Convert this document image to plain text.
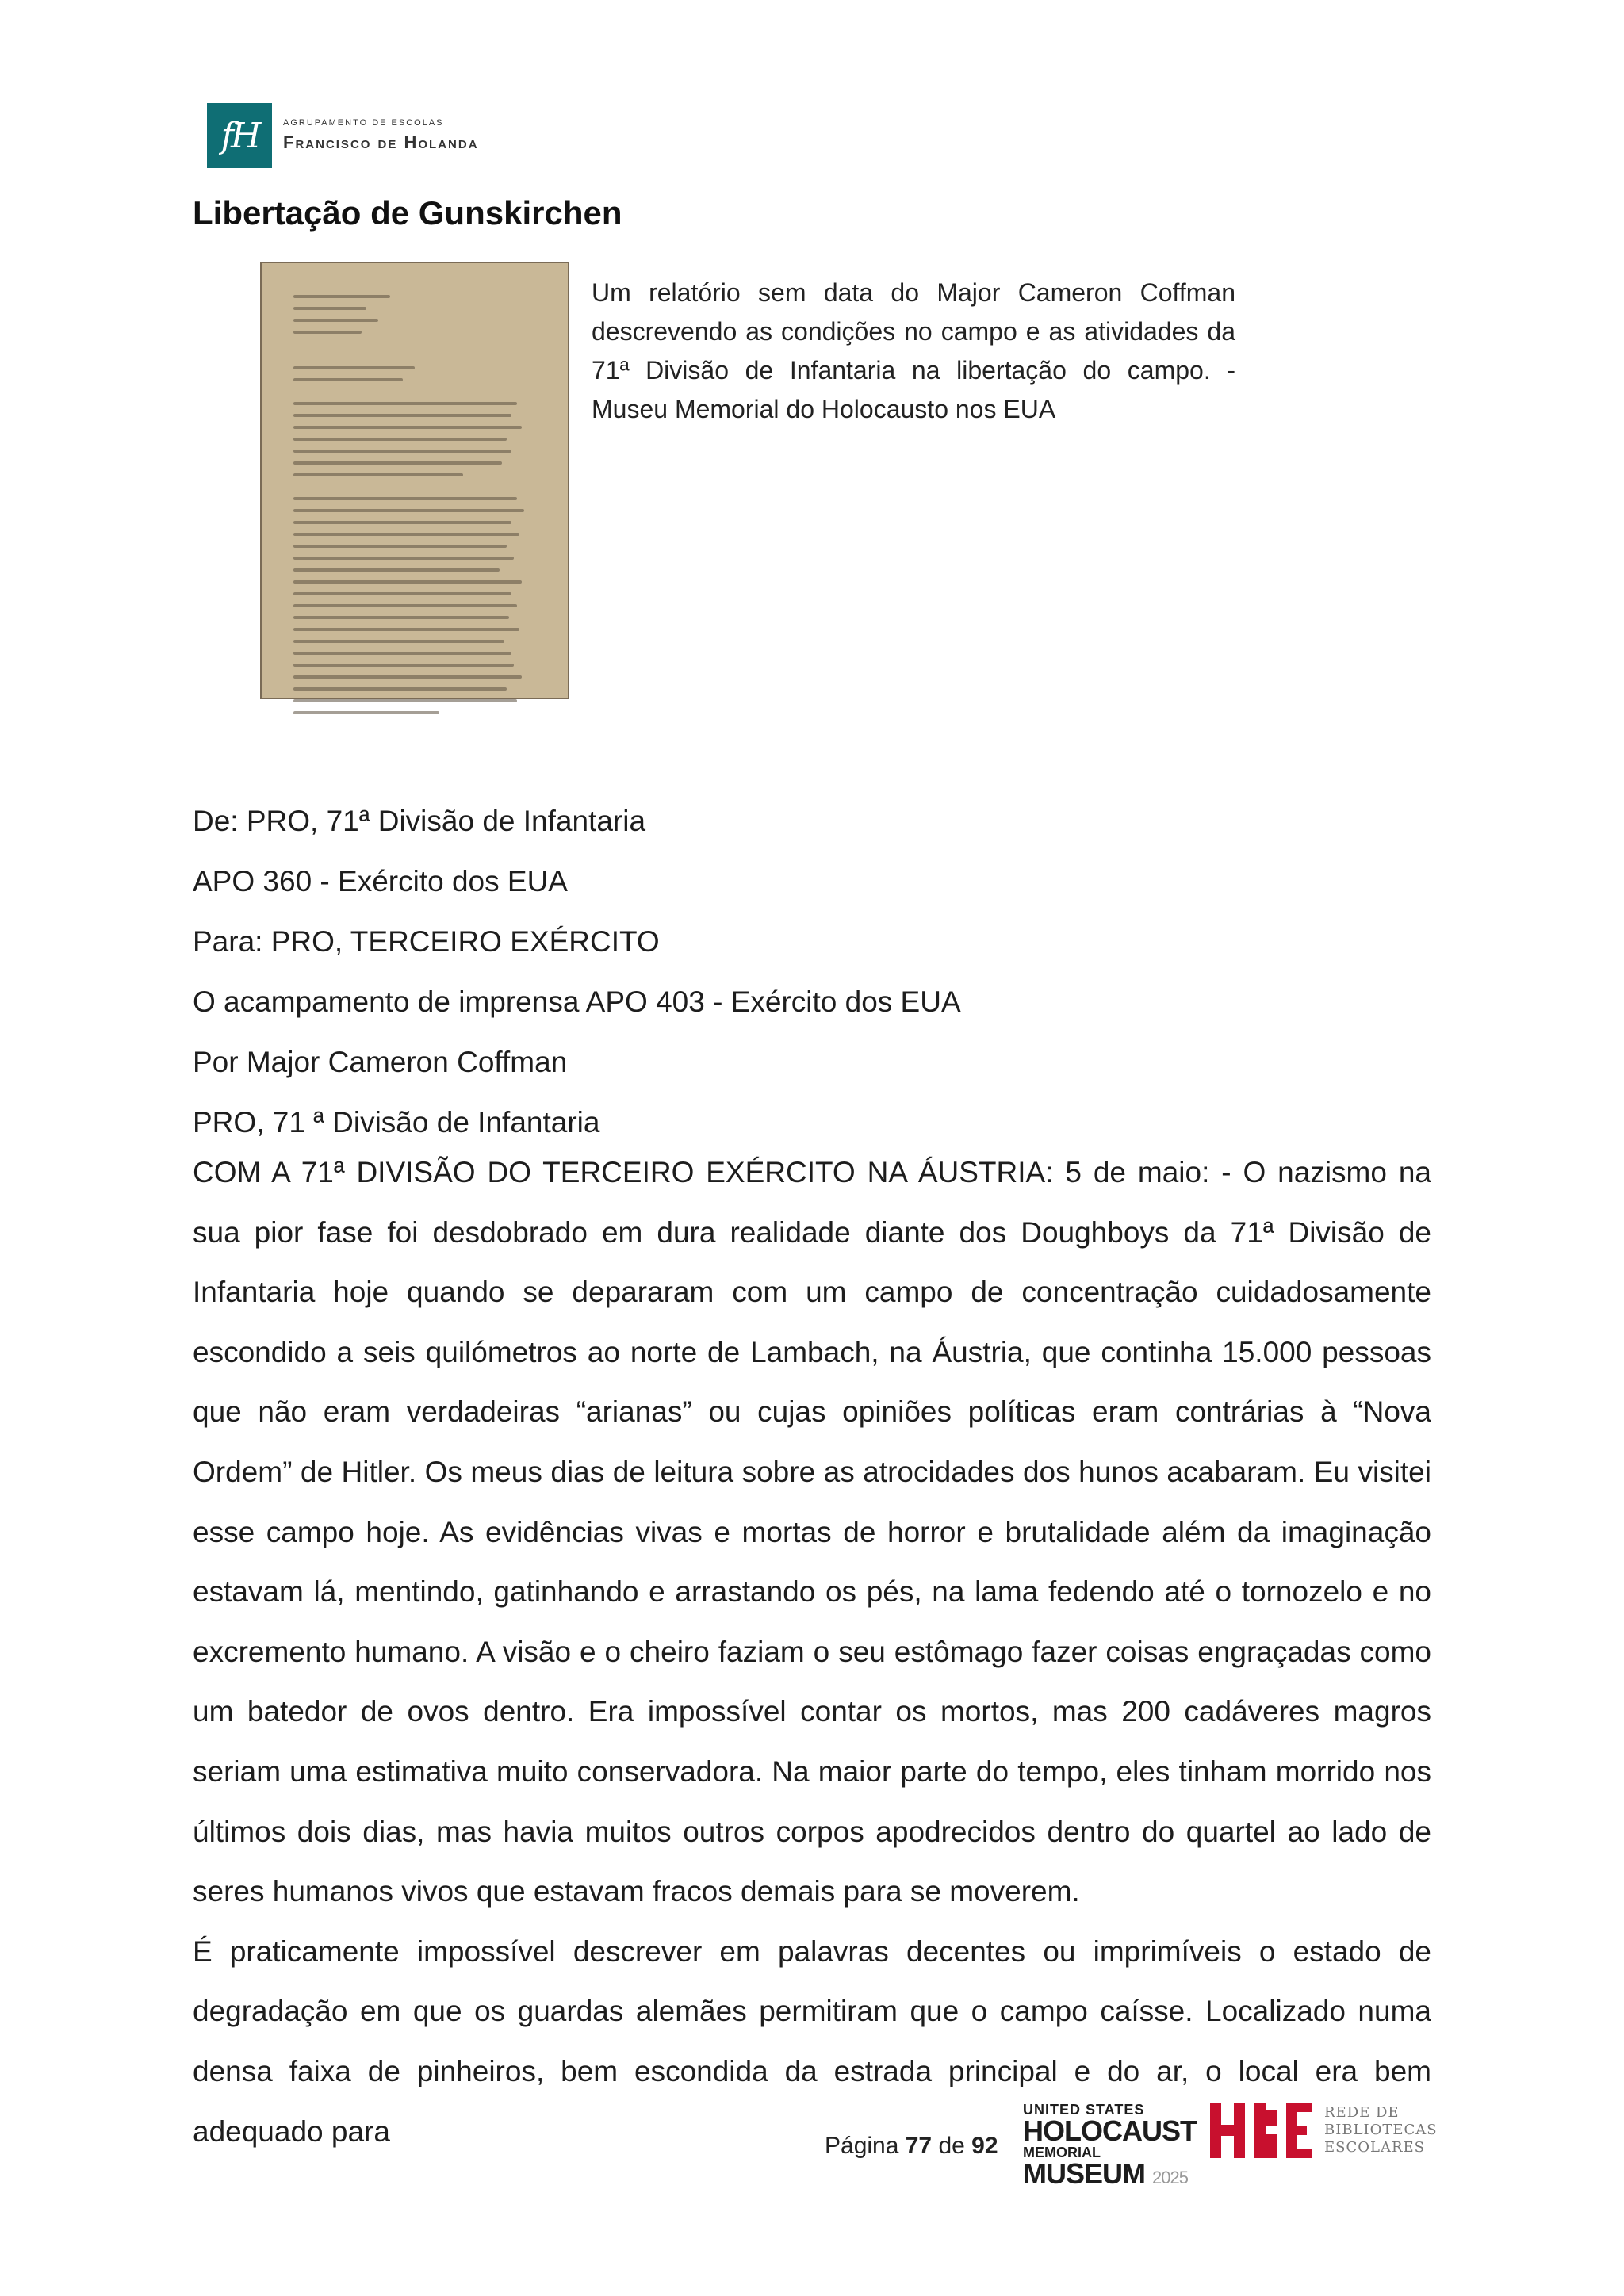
fH	AGRUPAMENTO DE ESCOLAS
Francisco de Holanda
Libertação de Gunskirchen
Um relatório sem data do Major Cameron Coffman descrevendo as condições no campo e as atividades da 71ª Divisão de Infantaria na libertação do campo. - Museu Memorial do Holocausto nos EUA
De: PRO, 71ª Divisão de Infantaria
APO 360 - Exército dos EUA
Para: PRO, TERCEIRO EXÉRCITO
O acampamento de imprensa APO 403 - Exército dos EUA
Por Major Cameron Coffman
PRO, 71 ª Divisão de Infantaria

COM A 71ª DIVISÃO DO TERCEIRO EXÉRCITO NA ÁUSTRIA: 5 de maio: - O nazismo na sua pior fase foi desdobrado em dura realidade diante dos Doughboys da 71ª Divisão de Infantaria hoje quando se depararam com um campo de concentração cuidadosamente escondido a seis quilómetros ao norte de Lambach, na Áustria, que continha 15.000 pessoas que não eram verdadeiras “arianas” ou cujas opiniões políticas eram contrárias à “Nova Ordem” de Hitler. Os meus dias de leitura sobre as atrocidades dos hunos acabaram. Eu visitei esse campo hoje. As evidências vivas e mortas de horror e brutalidade além da imaginação estavam lá, mentindo, gatinhando e arrastando os pés, na lama fedendo até o tornozelo e no excremento humano. A visão e o cheiro faziam o seu estômago fazer coisas engraçadas como um batedor de ovos dentro. Era impossível contar os mortos, mas 200 cadáveres magros seriam uma estimativa muito conservadora. Na maior parte do tempo, eles tinham morrido nos últimos dois dias, mas havia muitos outros corpos apodrecidos dentro do quartel ao lado de seres humanos vivos que estavam fracos demais para se moverem.

É praticamente impossível descrever em palavras decentes ou imprimíveis o estado de degradação em que os guardas alemães permitiram que o campo caísse. Localizado numa densa faixa de pinheiros, bem escondida da estrada principal e do ar, o local era bem adequado para	Página 77 de 92
UNITED STATES
HOLOCAUST
MEMORIAL
MUSEUM 2025
REDE DE
BIBLIOTECAS
ESCOLARES
